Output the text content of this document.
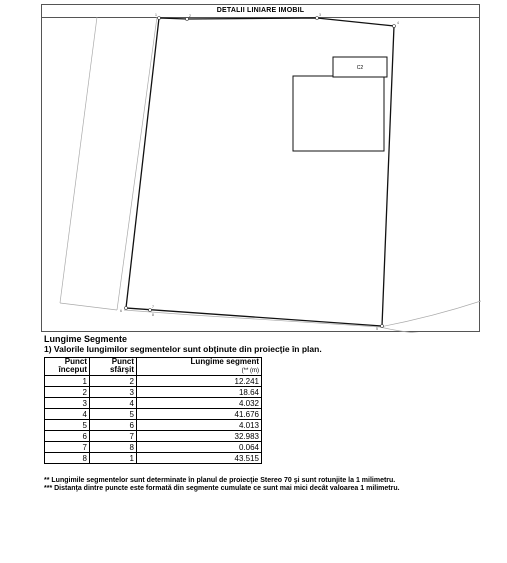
DETALII LINIARE IMOBIL
C2
1	2	3
4
5
6
7
8
Lungime Segmente
1) Valorile lungimilor segmentelor sunt obţinute din proiecţie în plan.
Punct început	Punct sfârşit	Lungime segment
(** (m)
1	2	12.241
2	3	18.64
3	4	4.032
4	5	41.676
5	6	4.013
6	7	32.983
7	8	0.064
8	1	43.515
** Lungimile segmentelor sunt determinate în planul de proiecţie Stereo 70 şi sunt rotunjite la 1 milimetru.
*** Distanţa dintre puncte este formată din segmente cumulate ce sunt mai mici decât valoarea 1 milimetru.
